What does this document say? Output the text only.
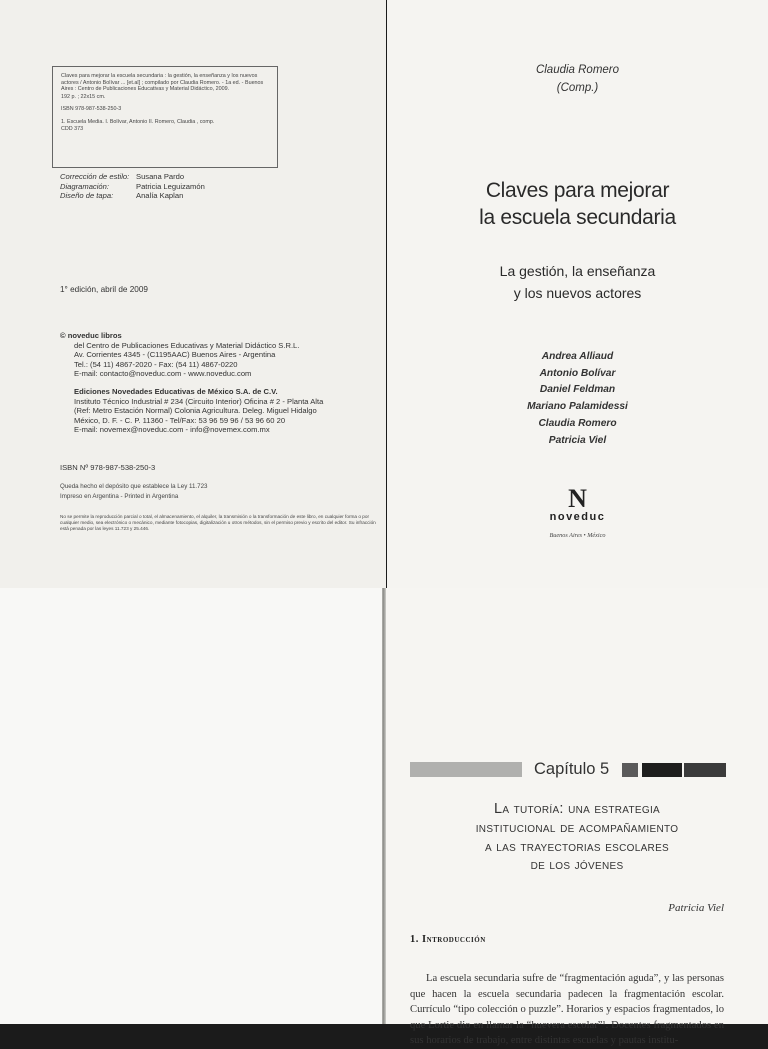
Claves para mejorar la escuela secundaria : la gestión, la enseñanza y los nuevos actores / Antonio Bolívar ... [et.al] ; compilado por Claudia Romero. - 1a ed. - Buenos Aires : Centro de Publicaciones Educativas y Material Didáctico, 2009.

192 p. ; 22x15 cm.

ISBN 978-987-538-250-3

1. Escuela Media. I. Bolívar, Antonio II. Romero, Claudia , comp.

CDD 373

Corrección de estilo: Susana Pardo
Diagramación:	Patricia Leguizamón
Diseño de tapa:	Analía Kaplan
1° edición, abril de 2009
© noveduc libros
del Centro de Publicaciones Educativas y Material Didáctico S.R.L.
Av. Corrientes 4345 - (C1195AAC) Buenos Aires - Argentina
Tel.: (54 11) 4867-2020 - Fax: (54 11) 4867-0220
E-mail: contacto@noveduc.com - www.noveduc.com
Ediciones Novedades Educativas de México S.A. de C.V.
Instituto Técnico Industrial # 234 (Circuito Interior) Oficina # 2 - Planta Alta
(Ref: Metro Estación Normal) Colonia Agricultura. Deleg. Miguel Hidalgo
México, D. F. - C. P. 11360 - Tel/Fax: 53 96 59 96 / 53 96 60 20
E-mail: novemex@noveduc.com - info@novemex.com.mx
ISBN Nº 978-987-538-250-3
Queda hecho el depósito que establece la Ley 11.723
Impreso en Argentina - Printed in Argentina
No se permite la reproducción parcial o total, el almacenamiento, el alquiler, la transmisión o la transformación de este libro, en cualquier forma o por cualquier medio, sea electrónico o mecánico, mediante fotocopias, digitalización u otros métodos, sin el permiso previo y escrito del editor. Su infracción está penada por las leyes 11.723 y 25.446.
Claudia Romero
(Comp.)
Claves para mejorar
la escuela secundaria
La gestión, la enseñanza
y los nuevos actores
Andrea Alliaud
Antonio Bolívar
Daniel Feldman
Mariano Palamidessi
Claudia Romero
Patricia Viel
N
noveduc
Buenos Aires • México
Capítulo 5
La tutoría: una estrategia
institucional de acompañamiento
a las trayectorias escolares
de los jóvenes
Patricia Viel
1. Introducción
La escuela secundaria sufre de “fragmentación aguda”, y las personas que hacen la escuela secundaria padecen la fragmentación escolar. Currículo “tipo colección o puzzle”. Horarios y espacios fragmentados, lo que Lortie dio en llamar la “huevera escolar”¹. Docentes fragmentados en sus horarios de trabajo, entre distintas escuelas y pautas institu-
